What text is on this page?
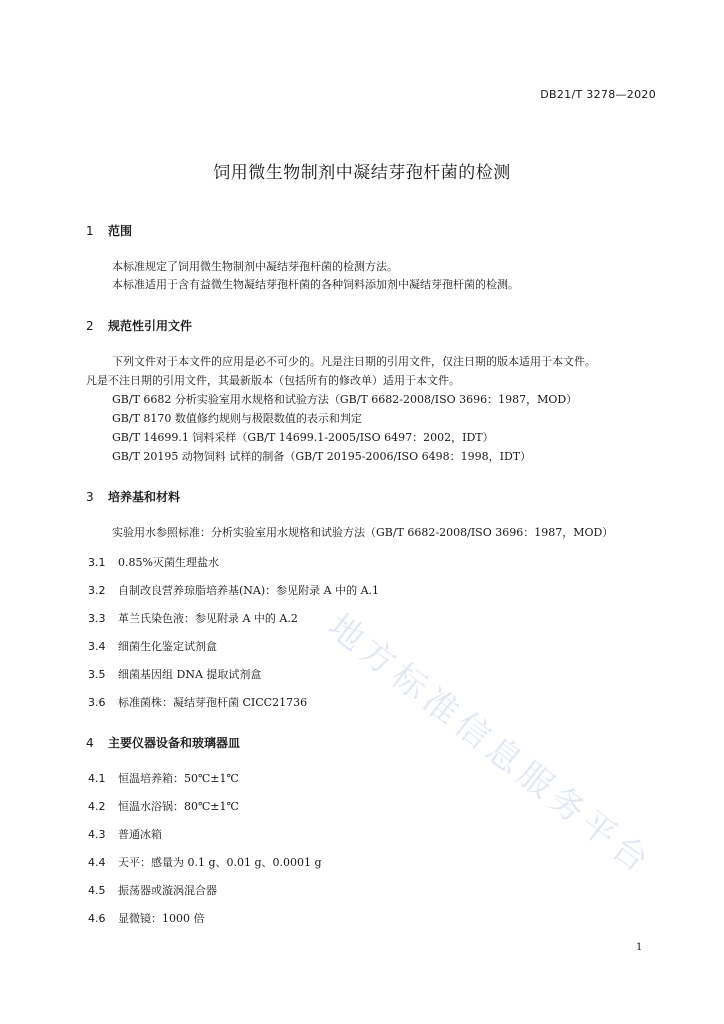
DB21/T 3278—2020
饲用微生物制剂中凝结芽孢杆菌的检测
1 范围
本标准规定了饲用微生物制剂中凝结芽孢杆菌的检测方法。
本标准适用于含有益微生物凝结芽孢杆菌的各种饲料添加剂中凝结芽孢杆菌的检测。
2 规范性引用文件
下列文件对于本文件的应用是必不可少的。凡是注日期的引用文件，仅注日期的版本适用于本文件。
凡是不注日期的引用文件，其最新版本（包括所有的修改单）适用于本文件。
GB/T 6682 分析实验室用水规格和试验方法（GB/T 6682-2008/ISO 3696：1987，MOD）
GB/T 8170 数值修约规则与极限数值的表示和判定
GB/T 14699.1 饲料采样（GB/T 14699.1-2005/ISO 6497：2002，IDT）
GB/T 20195 动物饲料 试样的制备（GB/T 20195-2006/ISO 6498：1998，IDT）
3 培养基和材料
实验用水参照标准：分析实验室用水规格和试验方法（GB/T 6682-2008/ISO 3696：1987，MOD）
3.1 0.85%灭菌生理盐水
3.2 自制改良营养琼脂培养基(NA)：参见附录 A 中的 A.1
3.3 革兰氏染色液：参见附录 A 中的 A.2
3.4 细菌生化鉴定试剂盒
3.5 细菌基因组 DNA 提取试剂盒
3.6 标准菌株：凝结芽孢杆菌 CICC21736
4 主要仪器设备和玻璃器皿
4.1 恒温培养箱：50℃±1℃
4.2 恒温水浴锅：80℃±1℃
4.3 普通冰箱
4.4 天平：感量为 0.1 g、0.01 g、0.0001 g
4.5 振荡器或漩涡混合器
4.6 显微镜：1000 倍
地方标准信息服务平台
1
